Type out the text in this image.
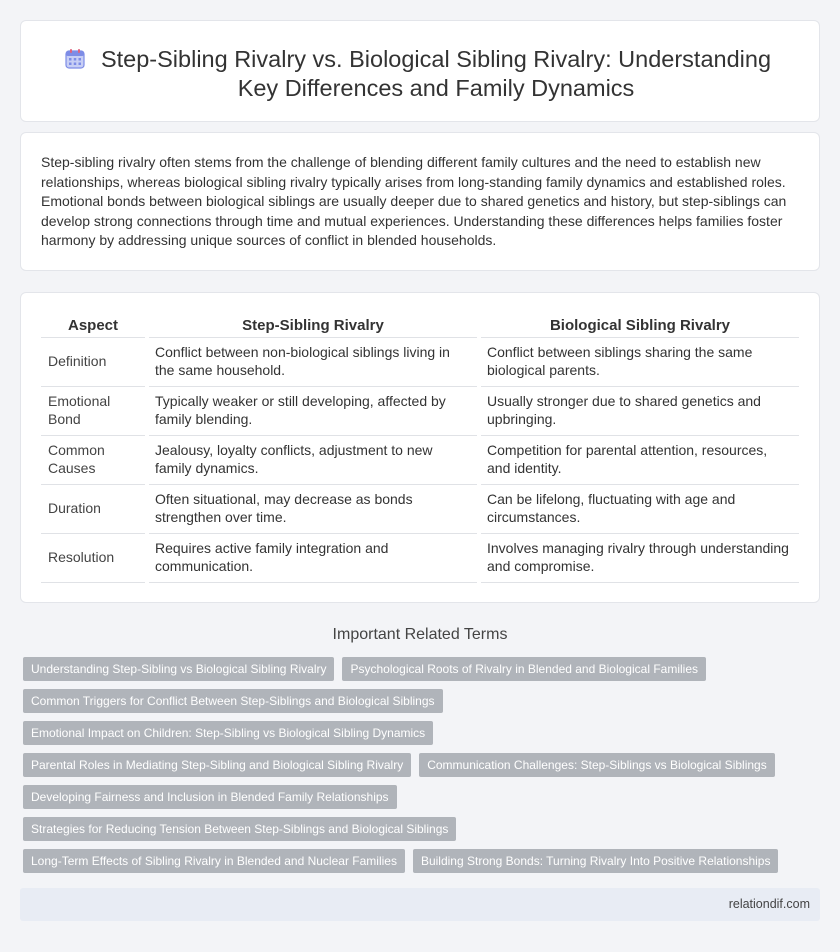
Step-Sibling Rivalry vs. Biological Sibling Rivalry: Understanding Key Differences and Family Dynamics

Step-sibling rivalry often stems from the challenge of blending different family cultures and the need to establish new relationships, whereas biological sibling rivalry typically arises from long-standing family dynamics and established roles. Emotional bonds between biological siblings are usually deeper due to shared genetics and history, but step-siblings can develop strong connections through time and mutual experiences. Understanding these differences helps families foster harmony by addressing unique sources of conflict in blended households.

Aspect	Step-Sibling Rivalry	Biological Sibling Rivalry
Definition	Conflict between non-biological siblings living in the same household.	Conflict between siblings sharing the same biological parents.
Emotional Bond	Typically weaker or still developing, affected by family blending.	Usually stronger due to shared genetics and upbringing.
Common Causes	Jealousy, loyalty conflicts, adjustment to new family dynamics.	Competition for parental attention, resources, and identity.
Duration	Often situational, may decrease as bonds strengthen over time.	Can be lifelong, fluctuating with age and circumstances.
Resolution	Requires active family integration and communication.	Involves managing rivalry through understanding and compromise.
Important Related Terms
Understanding Step-Sibling vs Biological Sibling Rivalry	Psychological Roots of Rivalry in Blended and Biological Families
Common Triggers for Conflict Between Step-Siblings and Biological Siblings
Emotional Impact on Children: Step-Sibling vs Biological Sibling Dynamics
Parental Roles in Mediating Step-Sibling and Biological Sibling Rivalry	Communication Challenges: Step-Siblings vs Biological Siblings
Developing Fairness and Inclusion in Blended Family Relationships
Strategies for Reducing Tension Between Step-Siblings and Biological Siblings
Long-Term Effects of Sibling Rivalry in Blended and Nuclear Families	Building Strong Bonds: Turning Rivalry Into Positive Relationships
relationdif.com
